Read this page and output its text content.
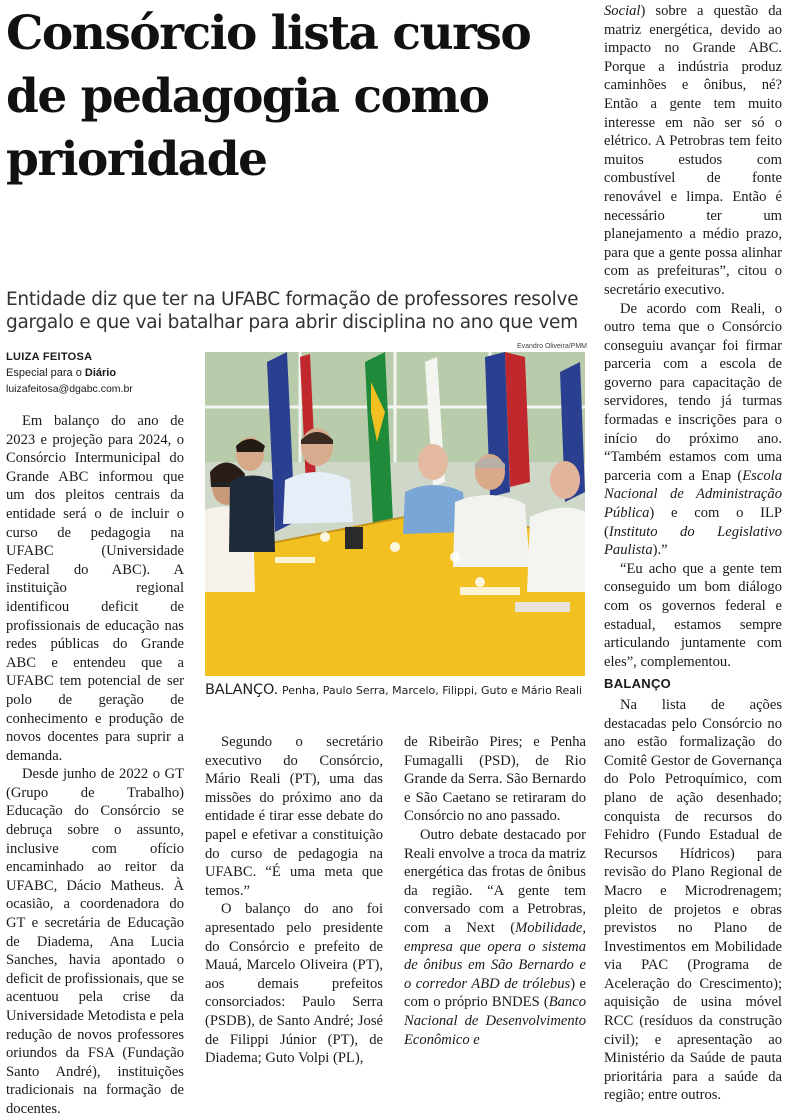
Consórcio lista curso de pedagogia como prioridade

Social) sobre a questão da matriz energética, devido ao impacto no Grande ABC. Porque a indústria produz caminhões e ônibus, né? Então a gente tem muito interesse em não ser só o elétrico. A Petrobras tem feito muitos estudos com combustível de fonte renovável e limpa. Então é necessário ter um planejamento a médio prazo, para que a gente possa alinhar com as prefeituras”, citou o secretário executivo.

De acordo com Reali, o outro tema que o Consórcio conseguiu avançar foi firmar parceria com a escola de governo para capacitação de servidores, tendo já turmas formadas e inscrições para o início do próximo ano. “Também estamos com uma parceria com a Enap (Escola Nacional de Administração Pública) e com o ILP (Instituto do Legislativo Paulista).”

“Eu acho que a gente tem conseguido um bom diálogo com os governos federal e estadual, estamos sempre articulando juntamente com eles”, complementou.

BALANÇO

Na lista de ações destacadas pelo Consórcio no ano estão formalização do Comitê Gestor de Governança do Polo Petroquímico, com plano de ação desenhado; conquista de recursos do Fehidro (Fundo Estadual de Recursos Hídricos) para revisão do Plano Regional de Macro e Microdrenagem; pleito de projetos e obras previstos no Plano de Investimentos em Mobilidade via PAC (Programa de Aceleração do Crescimento); aquisição de usina móvel RCC (resíduos da construção civil); e apresentação ao Ministério da Saúde de pauta prioritária para a saúde da região; entre outros.

Entidade diz que ter na UFABC formação de professores resolve gargalo e que vai batalhar para abrir disciplina no ano que vem

LUIZA FEITOSA
Especial para o Diário
luizafeitosa@dgabc.com.br

Em balanço do ano de 2023 e projeção para 2024, o Consórcio Intermunicipal do Grande ABC informou que um dos pleitos centrais da entidade será o de incluir o curso de pedagogia na UFABC (Universidade Federal do ABC). A instituição regional identificou deficit de profissionais de educação nas redes públicas do Grande ABC e entendeu que a UFABC tem potencial de ser polo de geração de conhecimento e produção de novos docentes para suprir a demanda.

Desde junho de 2022 o GT (Grupo de Trabalho) Educação do Consórcio se debruça sobre o assunto, inclusive com ofício encaminhado ao reitor da UFABC, Dácio Matheus. À ocasião, a coordenadora do GT e secretária de Educação de Diadema, Ana Lucia Sanches, havia apontado o deficit de profissionais, que se acentuou pela crise da Universidade Metodista e pela redução de novos professores oriundos da FSA (Fundação Santo André), instituições tradicionais na formação de docentes.

Evandro Oliveira/PMM
BALANÇO. Penha, Paulo Serra, Marcelo, Filippi, Guto e Mário Reali

Segundo o secretário executivo do Consórcio, Mário Reali (PT), uma das missões do próximo ano da entidade é tirar esse debate do papel e efetivar a constituição do curso de pedagogia na UFABC. “É uma meta que temos.”

O balanço do ano foi apresentado pelo presidente do Consórcio e prefeito de Mauá, Marcelo Oliveira (PT), aos demais prefeitos consorciados: Paulo Serra (PSDB), de Santo André; José de Filippi Júnior (PT), de Diadema; Guto Volpi (PL),

de Ribeirão Pires; e Penha Fumagalli (PSD), de Rio Grande da Serra. São Bernardo e São Caetano se retiraram do Consórcio no ano passado.

Outro debate destacado por Reali envolve a troca da matriz energética das frotas de ônibus da região. “A gente tem conversado com a Petrobras, com a Next (Mobilidade, empresa que opera o sistema de ônibus em São Bernardo e o corredor ABD de trólebus) e com o próprio BNDES (Banco Nacional de Desenvolvimento Econômico e
